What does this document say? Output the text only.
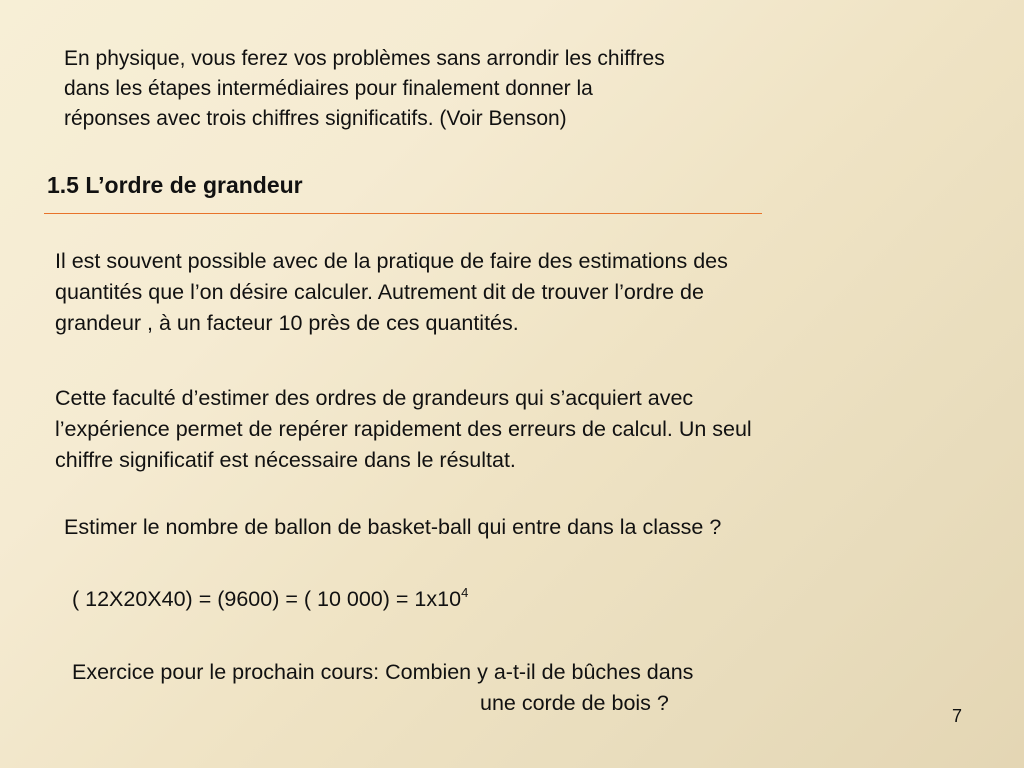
En physique, vous ferez vos problèmes sans arrondir les chiffres
dans les étapes intermédiaires pour finalement donner la
réponses avec trois chiffres significatifs. (Voir Benson)

1.5 L’ordre de grandeur

Il est souvent possible avec de la pratique de faire des estimations des
quantités que l’on désire calculer. Autrement dit de trouver l’ordre de
grandeur , à un facteur 10 près de ces quantités.

Cette faculté d’estimer des ordres de grandeurs qui s’acquiert avec
l’expérience permet de repérer rapidement des erreurs de calcul. Un seul
chiffre significatif est nécessaire dans le résultat.

Estimer le nombre de ballon de basket-ball qui entre dans la classe ?

( 12X20X40) = (9600) = ( 10 $000) = 1x10^4$

Exercice pour le prochain cours: Combien y a-t-il de bûches dans
une corde de bois ?

7
